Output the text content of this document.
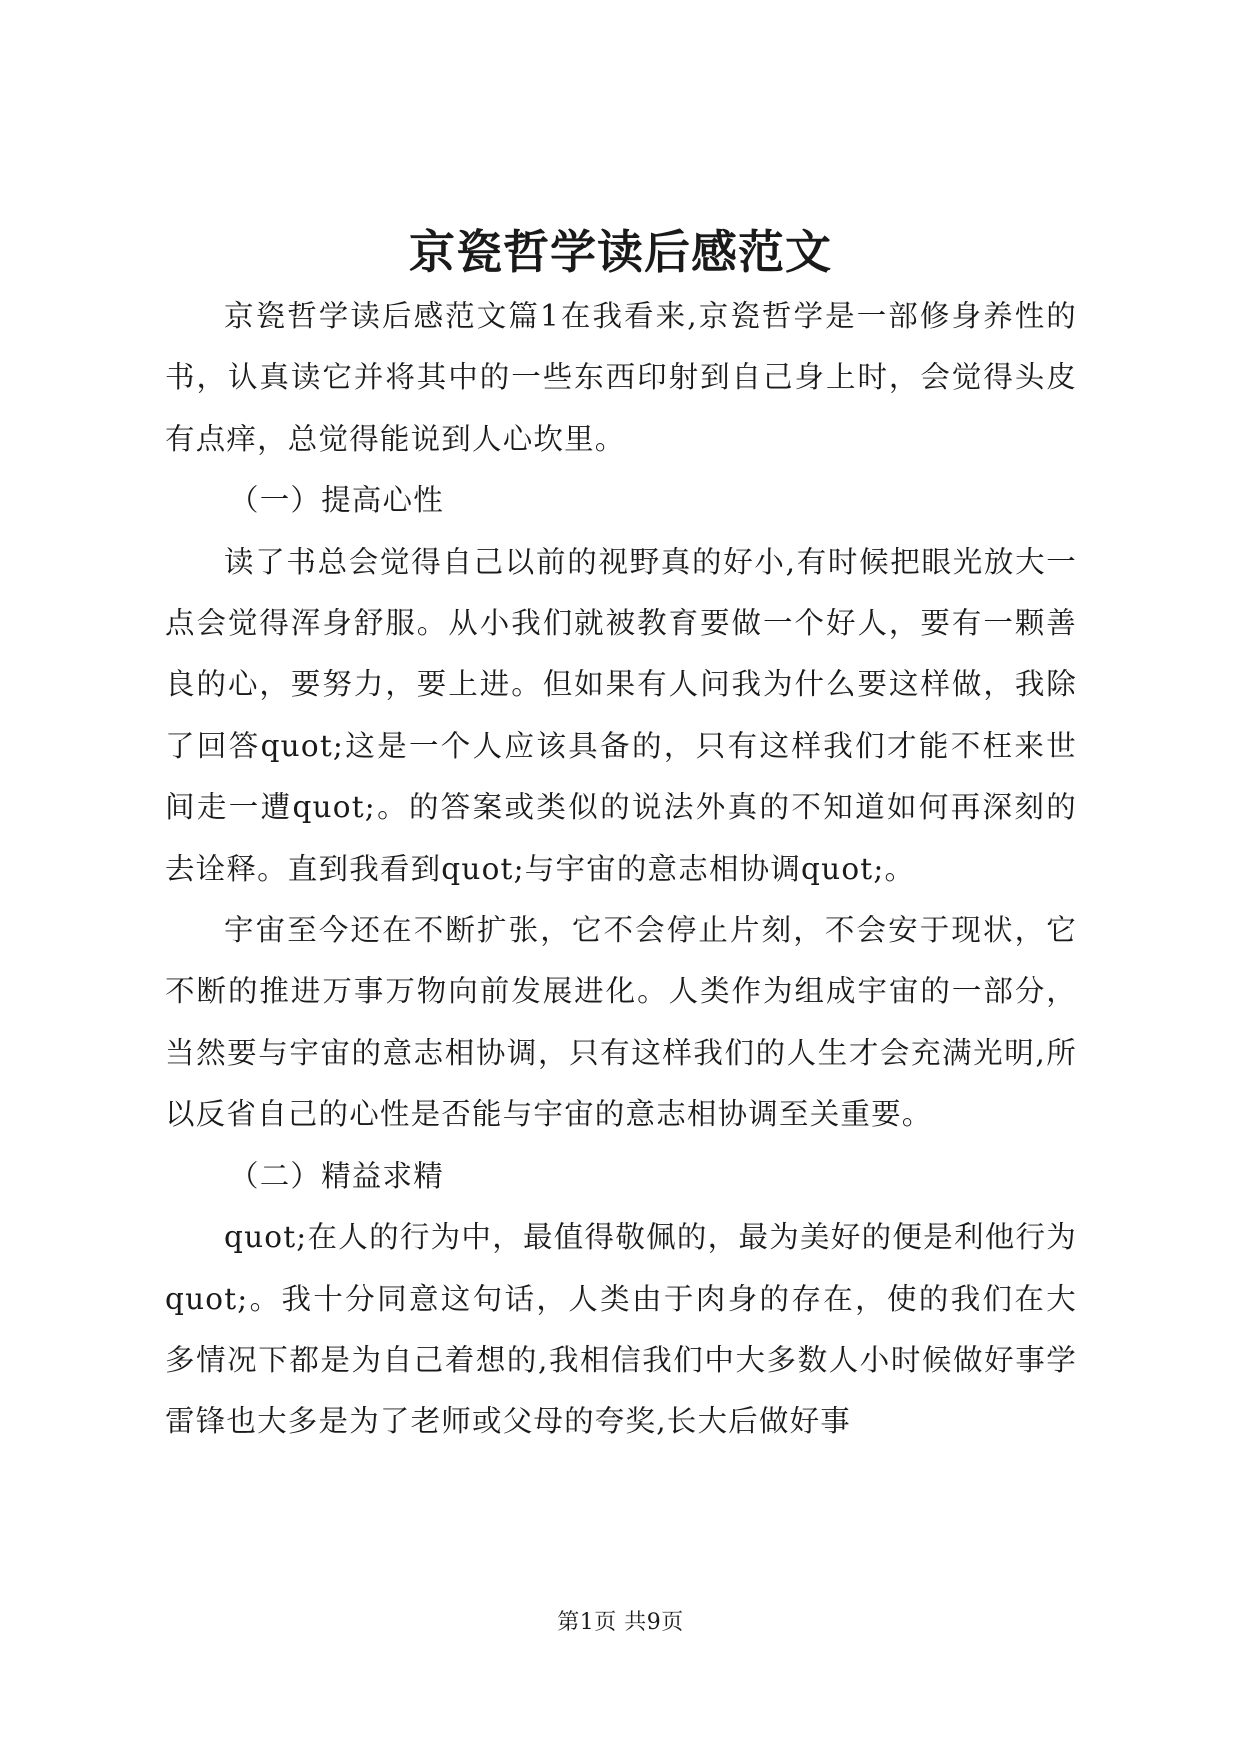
京瓷哲学读后感范文

京瓷哲学读后感范文篇1在我看来,京瓷哲学是一部修身养性的书，认真读它并将其中的一些东西印射到自己身上时，会觉得头皮有点痒，总觉得能说到人心坎里。

（一）提高心性

读了书总会觉得自己以前的视野真的好小,有时候把眼光放大一点会觉得浑身舒服。从小我们就被教育要做一个好人，要有一颗善良的心，要努力，要上进。但如果有人问我为什么要这样做，我除了回答quot;这是一个人应该具备的，只有这样我们才能不枉来世间走一遭quot;。的答案或类似的说法外真的不知道如何再深刻的去诠释。直到我看到quot;与宇宙的意志相协调quot;。

宇宙至今还在不断扩张，它不会停止片刻，不会安于现状，它不断的推进万事万物向前发展进化。人类作为组成宇宙的一部分，当然要与宇宙的意志相协调，只有这样我们的人生才会充满光明,所以反省自己的心性是否能与宇宙的意志相协调至关重要。

（二）精益求精

quot;在人的行为中，最值得敬佩的，最为美好的便是利他行为quot;。我十分同意这句话，人类由于肉身的存在，使的我们在大多情况下都是为自己着想的,我相信我们中大多数人小时候做好事学雷锋也大多是为了老师或父母的夸奖,长大后做好事

第1页 共9页
